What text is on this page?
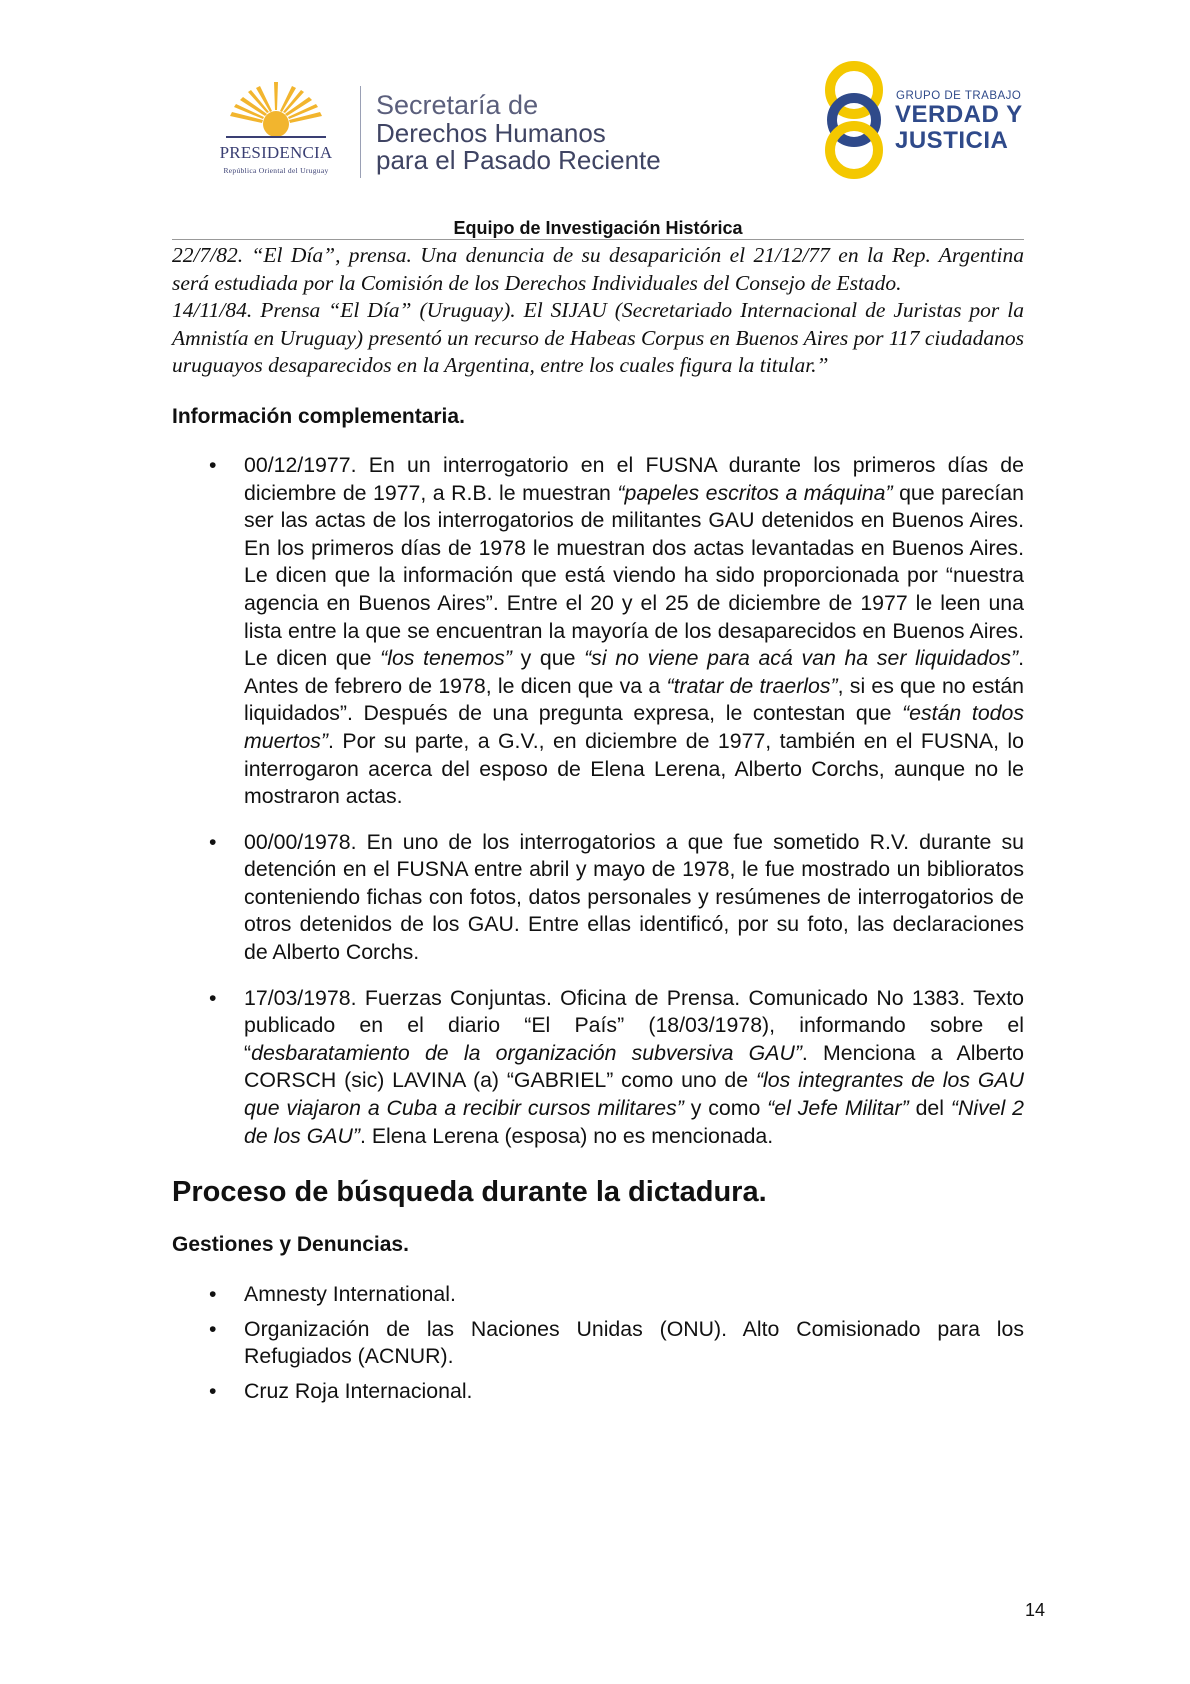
PRESIDENCIA
República Oriental del Uruguay
Secretaría de
Derechos Humanos
para el Pasado Reciente
GRUPO DE TRABAJO
VERDAD Y
JUSTICIA
Equipo de Investigación Histórica

22/7/82. “El Día”, prensa. Una denuncia de su desaparición el 21/12/77 en la Rep. Argentina será estudiada por la Comisión de los Derechos Individuales del Consejo de Estado.

14/11/84. Prensa “El Día” (Uruguay). El SIJAU (Secretariado Internacional de Juristas por la Amnistía en Uruguay) presentó un recurso de Habeas Corpus en Buenos Aires por 117 ciudadanos uruguayos desaparecidos en la Argentina, entre los cuales figura la titular.”

Información complementaria.

• 00/12/1977. En un interrogatorio en el FUSNA durante los primeros días de diciembre de 1977, a R.B. le muestran “papeles escritos a máquina” que parecían ser las actas de los interrogatorios de militantes GAU detenidos en Buenos Aires. En los primeros días de 1978 le muestran dos actas levantadas en Buenos Aires. Le dicen que la información que está viendo ha sido proporcionada por “nuestra agencia en Buenos Aires”. Entre el 20 y el 25 de diciembre de 1977 le leen una lista entre la que se encuentran la mayoría de los desaparecidos en Buenos Aires. Le dicen que “los tenemos” y que “si no viene para acá van ha ser liquidados”. Antes de febrero de 1978, le dicen que va a “tratar de traerlos”, si es que no están liquidados”. Después de una pregunta expresa, le contestan que “están todos muertos”. Por su parte, a G.V., en diciembre de 1977, también en el FUSNA, lo interrogaron acerca del esposo de Elena Lerena, Alberto Corchs, aunque no le mostraron actas.
• 00/00/1978. En uno de los interrogatorios a que fue sometido R.V. durante su detención en el FUSNA entre abril y mayo de 1978, le fue mostrado un biblioratos conteniendo fichas con fotos, datos personales y resúmenes de interrogatorios de otros detenidos de los GAU. Entre ellas identificó, por su foto, las declaraciones de Alberto Corchs.
• 17/03/1978. Fuerzas Conjuntas. Oficina de Prensa. Comunicado No 1383. Texto publicado en el diario “El País” (18/03/1978), informando sobre el “desbaratamiento de la organización subversiva GAU”. Menciona a Alberto CORSCH (sic) LAVINA (a) “GABRIEL” como uno de “los integrantes de los GAU que viajaron a Cuba a recibir cursos militares” y como “el Jefe Militar” del “Nivel 2 de los GAU”. Elena Lerena (esposa) no es mencionada.

Proceso de búsqueda durante la dictadura.

Gestiones y Denuncias.

• Amnesty International.
• Organización de las Naciones Unidas (ONU). Alto Comisionado para los Refugiados (ACNUR).
• Cruz Roja Internacional.
14
